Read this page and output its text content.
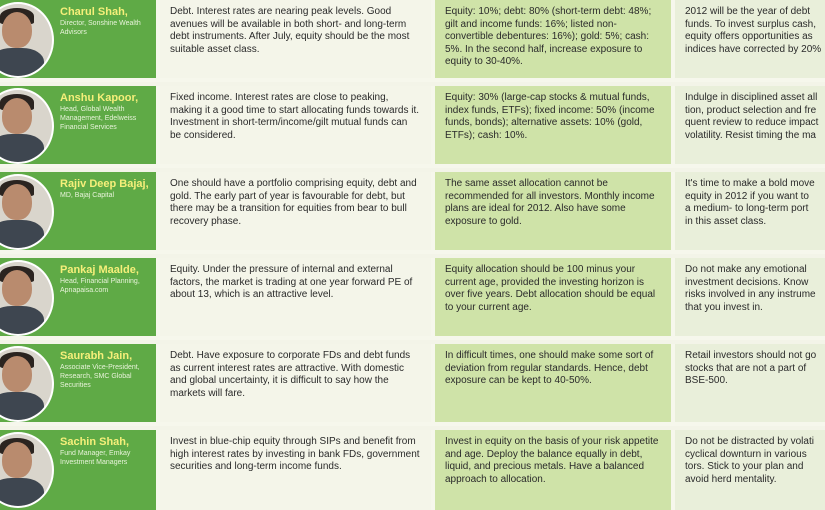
Charul Shah,
Director, Sonshine Wealth Advisors
Debt. Interest rates are nearing peak levels. Good avenues will be available in both short- and long-term debt instruments. After July, equity should be the most suitable asset class.
Equity: 10%; debt: 80% (short-term debt: 48%; gilt and income funds: 16%; listed non-convertible debentures: 16%); gold: 5%; cash: 5%. In the second half, increase exposure to equity to 30-40%.
2012 will be the year of debt
funds. To invest surplus cash,
equity offers opportunities as
indices have corrected by 20%
Anshu Kapoor,
Head, Global Wealth Management, Edelweiss Financial Services
Fixed income. Interest rates are close to peaking, making it a good time to start allocating funds towards it. Investment in short-term/income/gilt mutual funds can be considered.
Equity: 30% (large-cap stocks & mutual funds, index funds, ETFs); fixed income: 50% (income funds, bonds); alternative assets: 10% (gold, ETFs); cash: 10%.
Indulge in disciplined asset all
tion, product selection and fre
quent review to reduce impact
volatility. Resist timing the ma
Rajiv Deep Bajaj,
MD, Bajaj Capital
One should have a portfolio comprising equity, debt and gold. The early part of year is favourable for debt, but there may be a transition for equities from bear to bull recovery phase.
The same asset allocation cannot be recommended for all investors. Monthly income plans are ideal for 2012. Also have some exposure to gold.
It's time to make a bold move
equity in 2012 if you want to
a medium- to long-term port
in this asset class.
Pankaj Maalde,
Head, Financial Planning, Apnapaisa.com
Equity. Under the pressure of internal and external factors, the market is trading at one year forward PE of about 13, which is an attractive level.
Equity allocation should be 100 minus your current age, provided the investing horizon is over five years. Debt allocation should be equal to your current age.
Do not make any emotional
investment decisions. Know
risks involved in any instrume
that you invest in.
Saurabh Jain,
Associate Vice-President, Research, SMC Global Securities
Debt. Have exposure to corporate FDs and debt funds as current interest rates are attractive. With domestic and global uncertainty, it is difficult to say how the markets will fare.
In difficult times, one should make some sort of deviation from regular standards. Hence, debt exposure can be kept to 40-50%.
Retail investors should not go
stocks that are not a part of
BSE-500.
Sachin Shah,
Fund Manager, Emkay Investment Managers
Invest in blue-chip equity through SIPs and benefit from high interest rates by investing in bank FDs, government securities and long-term income funds.
Invest in equity on the basis of your risk appetite and age. Deploy the balance equally in debt, liquid, and precious metals. Have a balanced approach to allocation.
Do not be distracted by volati
cyclical downturn in various
tors. Stick to your plan and
avoid herd mentality.
